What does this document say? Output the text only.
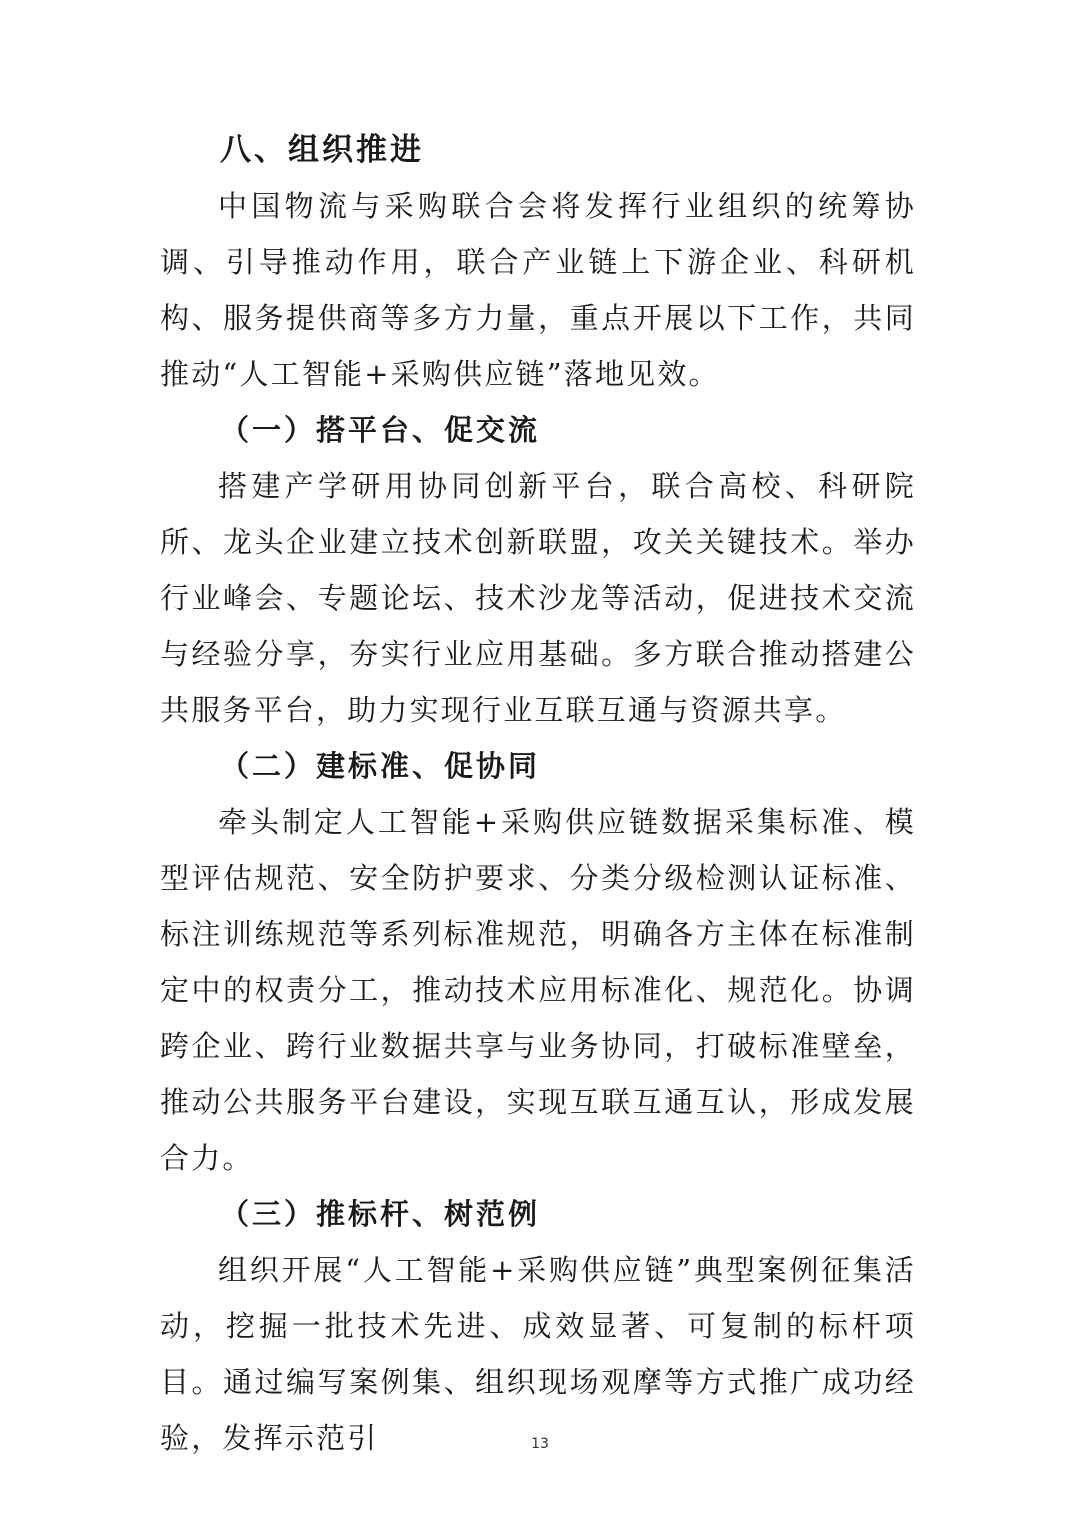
八、组织推进

中国物流与采购联合会将发挥行业组织的统筹协调、引导推动作用，联合产业链上下游企业、科研机构、服务提供商等多方力量，重点开展以下工作，共同推动“人工智能+采购供应链”落地见效。

（一）搭平台、促交流

搭建产学研用协同创新平台，联合高校、科研院所、龙头企业建立技术创新联盟，攻关关键技术。举办行业峰会、专题论坛、技术沙龙等活动，促进技术交流与经验分享，夯实行业应用基础。多方联合推动搭建公共服务平台，助力实现行业互联互通与资源共享。

（二）建标准、促协同

牵头制定人工智能+采购供应链数据采集标准、模型评估规范、安全防护要求、分类分级检测认证标准、标注训练规范等系列标准规范，明确各方主体在标准制定中的权责分工，推动技术应用标准化、规范化。协调跨企业、跨行业数据共享与业务协同，打破标准壁垒，推动公共服务平台建设，实现互联互通互认，形成发展合力。

（三）推标杆、树范例

组织开展“人工智能+采购供应链”典型案例征集活动，挖掘一批技术先进、成效显著、可复制的标杆项目。通过编写案例集、组织现场观摩等方式推广成功经验，发挥示范引	13
